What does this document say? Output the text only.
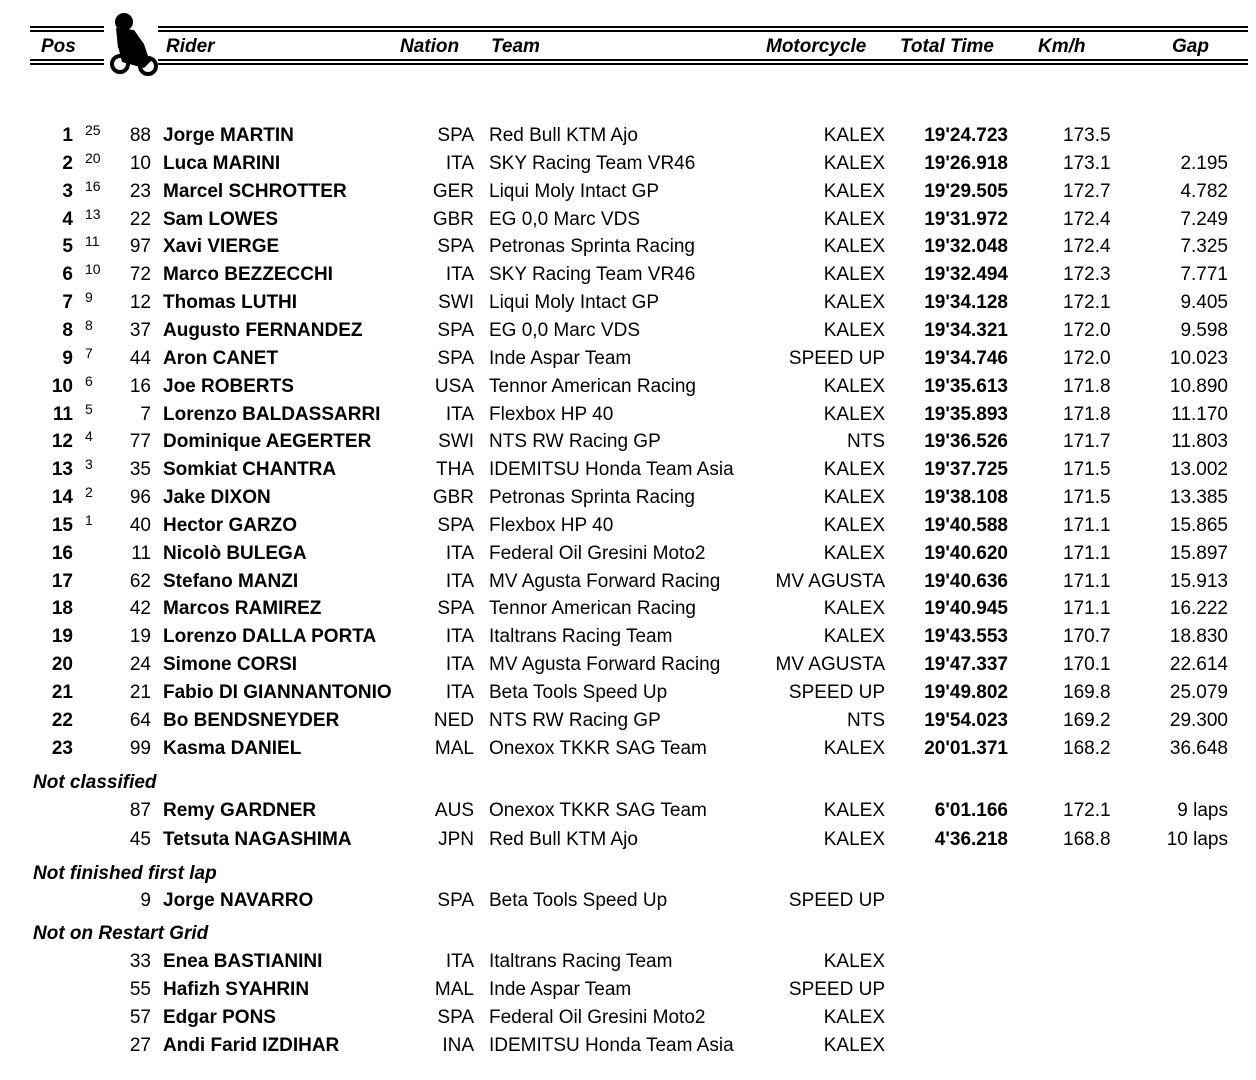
Pos	Rider	Nation Team	Motorcycle Total Time Km/h	Gap
1 25 88 Jorge MARTIN	SPA Red Bull KTM Ajo	KALEX 19'24.723	173.5
2 20 10 Luca MARINI	ITA SKY Racing Team VR46	KALEX 19'26.918	173.1	2.195
3 16 23 Marcel SCHROTTER	GER Liqui Moly Intact GP	KALEX 19'29.505	172.7	4.782
4 13 22 Sam LOWES	GBR EG 0,0 Marc VDS	KALEX 19'31.972	172.4	7.249
5 11 97 Xavi VIERGE	SPA Petronas Sprinta Racing	KALEX 19'32.048	172.4	7.325
6 10 72 Marco BEZZECCHI	ITA SKY Racing Team VR46	KALEX 19'32.494	172.3	7.771
7 9 12 Thomas LUTHI	SWI Liqui Moly Intact GP	KALEX 19'34.128	172.1	9.405
8 8 37 Augusto FERNANDEZ	SPA EG 0,0 Marc VDS	KALEX 19'34.321	172.0	9.598
9 7 44 Aron CANET	SPA Inde Aspar Team	SPEED UP 19'34.746	172.0	10.023
10 6 16 Joe ROBERTS	USA Tennor American Racing	KALEX 19'35.613	171.8	10.890
11 5	7 Lorenzo BALDASSARRI	ITA Flexbox HP 40	KALEX 19'35.893	171.8	11.170
12 4 77 Dominique AEGERTER	SWI NTS RW Racing GP	NTS 19'36.526	171.7	11.803
13 3 35 Somkiat CHANTRA	THA IDEMITSU Honda Team Asia	KALEX 19'37.725	171.5	13.002
14 2 96 Jake DIXON	GBR Petronas Sprinta Racing	KALEX 19'38.108	171.5	13.385
15 1 40 Hector GARZO	SPA Flexbox HP 40	KALEX 19'40.588	171.1	15.865
16	11 Nicolò BULEGA	ITA Federal Oil Gresini Moto2	KALEX 19'40.620	171.1	15.897
17	62 Stefano MANZI	ITA MV Agusta Forward Racing	MV AGUSTA 19'40.636	171.1	15.913
18	42 Marcos RAMIREZ	SPA Tennor American Racing	KALEX 19'40.945	171.1	16.222
19	19 Lorenzo DALLA PORTA	ITA Italtrans Racing Team	KALEX 19'43.553	170.7	18.830
20	24 Simone CORSI	ITA MV Agusta Forward Racing	MV AGUSTA 19'47.337	170.1	22.614
21	21 Fabio DI GIANNANTONIO	ITA Beta Tools Speed Up	SPEED UP 19'49.802	169.8	25.079
22	64 Bo BENDSNEYDER	NED NTS RW Racing GP	NTS 19'54.023	169.2	29.300
23	99 Kasma DANIEL	MAL Onexox TKKR SAG Team	KALEX 20'01.371	168.2	36.648
Not classified
87 Remy GARDNER	AUS Onexox TKKR SAG Team	KALEX	6'01.166	172.1	9 laps
45 Tetsuta NAGASHIMA	JPN Red Bull KTM Ajo	KALEX	4'36.218	168.8	10 laps
Not finished first lap
9 Jorge NAVARRO	SPA Beta Tools Speed Up	SPEED UP
Not on Restart Grid
33 Enea BASTIANINI	ITA Italtrans Racing Team	KALEX
55 Hafizh SYAHRIN	MAL Inde Aspar Team	SPEED UP
57 Edgar PONS	SPA Federal Oil Gresini Moto2	KALEX
27 Andi Farid IZDIHAR	INA IDEMITSU Honda Team Asia	KALEX
